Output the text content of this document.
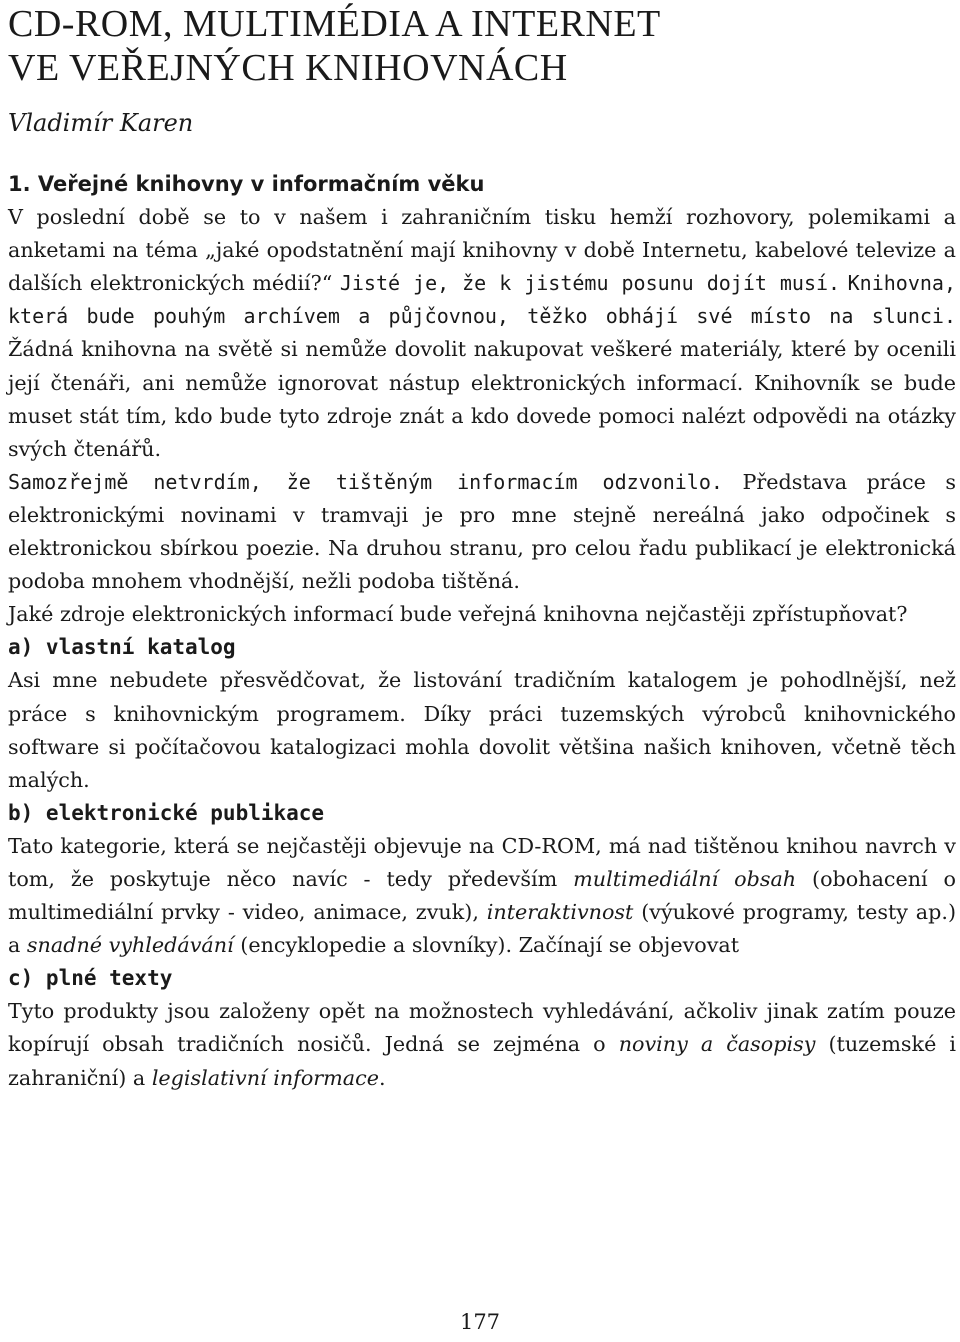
CD-ROM, MULTIMÉDIA A INTERNET
VE VEŘEJNÝCH KNIHOVNÁCH
Vladimír Karen
1. Veřejné knihovny v informačním věku

V poslední době se to v našem i zahraničním tisku hemží rozhovory, polemikami a anketami na téma „jaké opodstatnění mají knihovny v době Internetu, kabelové televize a dalších elektronických médií?“ Jisté je, že k jistému posunu dojít musí. Knihovna, která bude pouhým archívem a půjčovnou, těžko obhájí své místo na slunci. Žádná knihovna na světě si nemůže dovolit nakupovat veškeré materiály, které by ocenili její čtenáři, ani nemůže ignorovat nástup elektronických informací. Knihovník se bude muset stát tím, kdo bude tyto zdroje znát a kdo dovede pomoci nalézt odpovědi na otázky svých čtenářů.

Samozřejmě netvrdím, že tištěným informacím odzvonilo. Představa práce s elektronickými novinami v tramvaji je pro mne stejně nereálná jako odpočinek s elektronickou sbírkou poezie. Na druhou stranu, pro celou řadu publikací je elektronická podoba mnohem vhodnější, nežli podoba tištěná.

Jaké zdroje elektronických informací bude veřejná knihovna nejčastěji zpřístupňovat?

a) vlastní katalog

Asi mne nebudete přesvědčovat, že listování tradičním katalogem je pohodlnější, než práce s knihovnickým programem. Díky práci tuzemských výrobců knihovnického software si počítačovou katalogizaci mohla dovolit většina našich knihoven, včetně těch malých.

b) elektronické publikace

Tato kategorie, která se nejčastěji objevuje na CD-ROM, má nad tištěnou knihou navrch v tom, že poskytuje něco navíc - tedy především multimediální obsah (obohacení o multimediální prvky - video, animace, zvuk), interaktivnost (výukové programy, testy ap.) a snadné vyhledávání (encyklopedie a slovníky). Začínají se objevovat

c) plné texty

Tyto produkty jsou založeny opět na možnostech vyhledávání, ačkoliv jinak zatím pouze kopírují obsah tradičních nosičů. Jedná se zejména o noviny a časopisy (tuzemské i zahraniční) a legislativní informace.

177
